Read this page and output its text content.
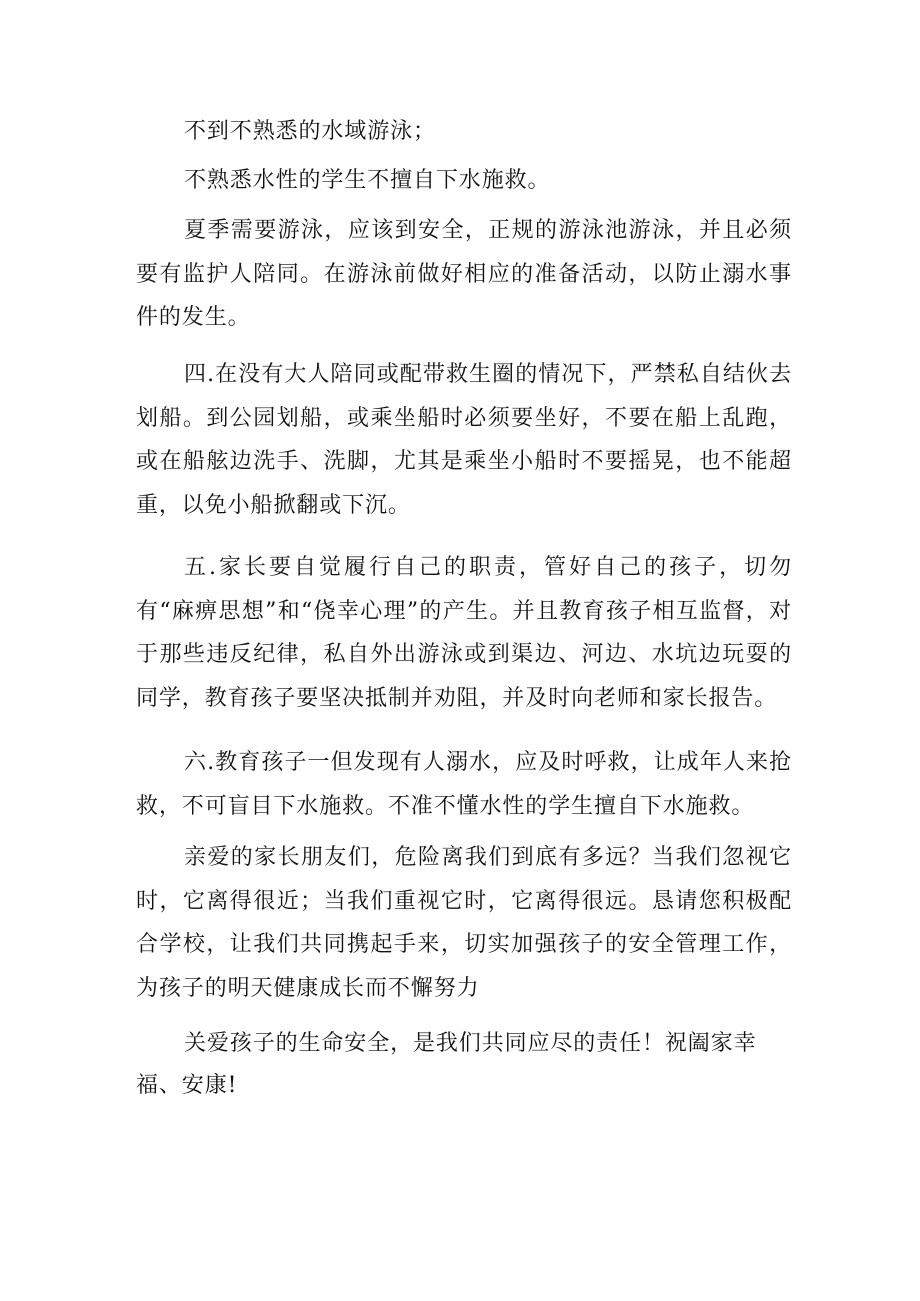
不到不熟悉的水域游泳；

不熟悉水性的学生不擅自下水施救。

夏季需要游泳，应该到安全，正规的游泳池游泳，并且必须要有监护人陪同。在游泳前做好相应的准备活动，以防止溺水事件的发生。

四.在没有大人陪同或配带救生圈的情况下，严禁私自结伙去划船。到公园划船，或乘坐船时必须要坐好，不要在船上乱跑，或在船舷边洗手、洗脚，尤其是乘坐小船时不要摇晃，也不能超重，以免小船掀翻或下沉。

五.家长要自觉履行自己的职责，管好自己的孩子，切勿有“麻痹思想”和“侥幸心理”的产生。并且教育孩子相互监督，对于那些违反纪律，私自外出游泳或到渠边、河边、水坑边玩耍的同学，教育孩子要坚决抵制并劝阻，并及时向老师和家长报告。

六.教育孩子一但发现有人溺水，应及时呼救，让成年人来抢救，不可盲目下水施救。不准不懂水性的学生擅自下水施救。

亲爱的家长朋友们，危险离我们到底有多远？当我们忽视它时，它离得很近；当我们重视它时，它离得很远。恳请您积极配合学校，让我们共同携起手来，切实加强孩子的安全管理工作，为孩子的明天健康成长而不懈努力

关爱孩子的生命安全，是我们共同应尽的责任！祝阖家幸福、安康!
